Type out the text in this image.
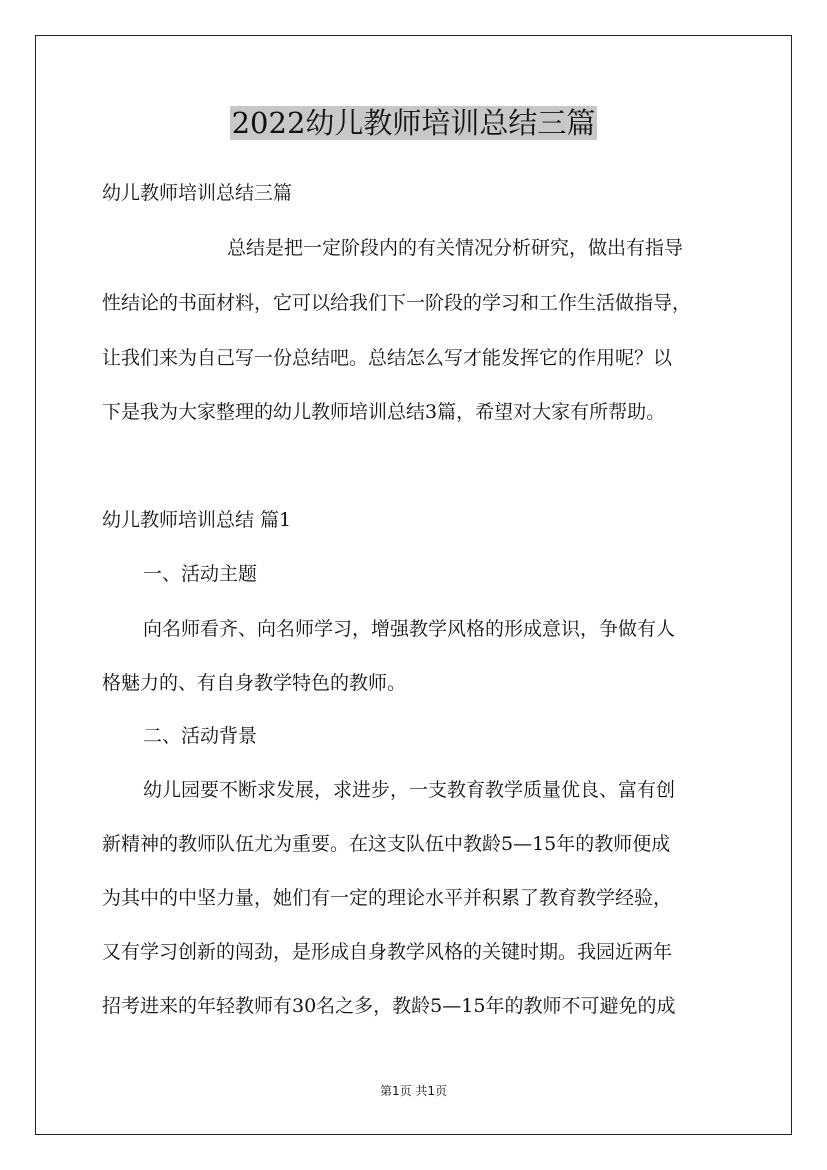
2022幼儿教师培训总结三篇
幼儿教师培训总结三篇
总结是把一定阶段内的有关情况分析研究，做出有指导
性结论的书面材料，它可以给我们下一阶段的学习和工作生活做指导，
让我们来为自己写一份总结吧。总结怎么写才能发挥它的作用呢？以
下是我为大家整理的幼儿教师培训总结3篇，希望对大家有所帮助。
幼儿教师培训总结 篇1
一、活动主题
向名师看齐、向名师学习，增强教学风格的形成意识，争做有人
格魅力的、有自身教学特色的教师。
二、活动背景
幼儿园要不断求发展，求进步，一支教育教学质量优良、富有创
新精神的教师队伍尤为重要。在这支队伍中教龄5—15年的教师便成
为其中的中坚力量，她们有一定的理论水平并积累了教育教学经验，
又有学习创新的闯劲，是形成自身教学风格的关键时期。我园近两年
招考进来的年轻教师有30名之多，教龄5—15年的教师不可避免的成
第1页 共1页
